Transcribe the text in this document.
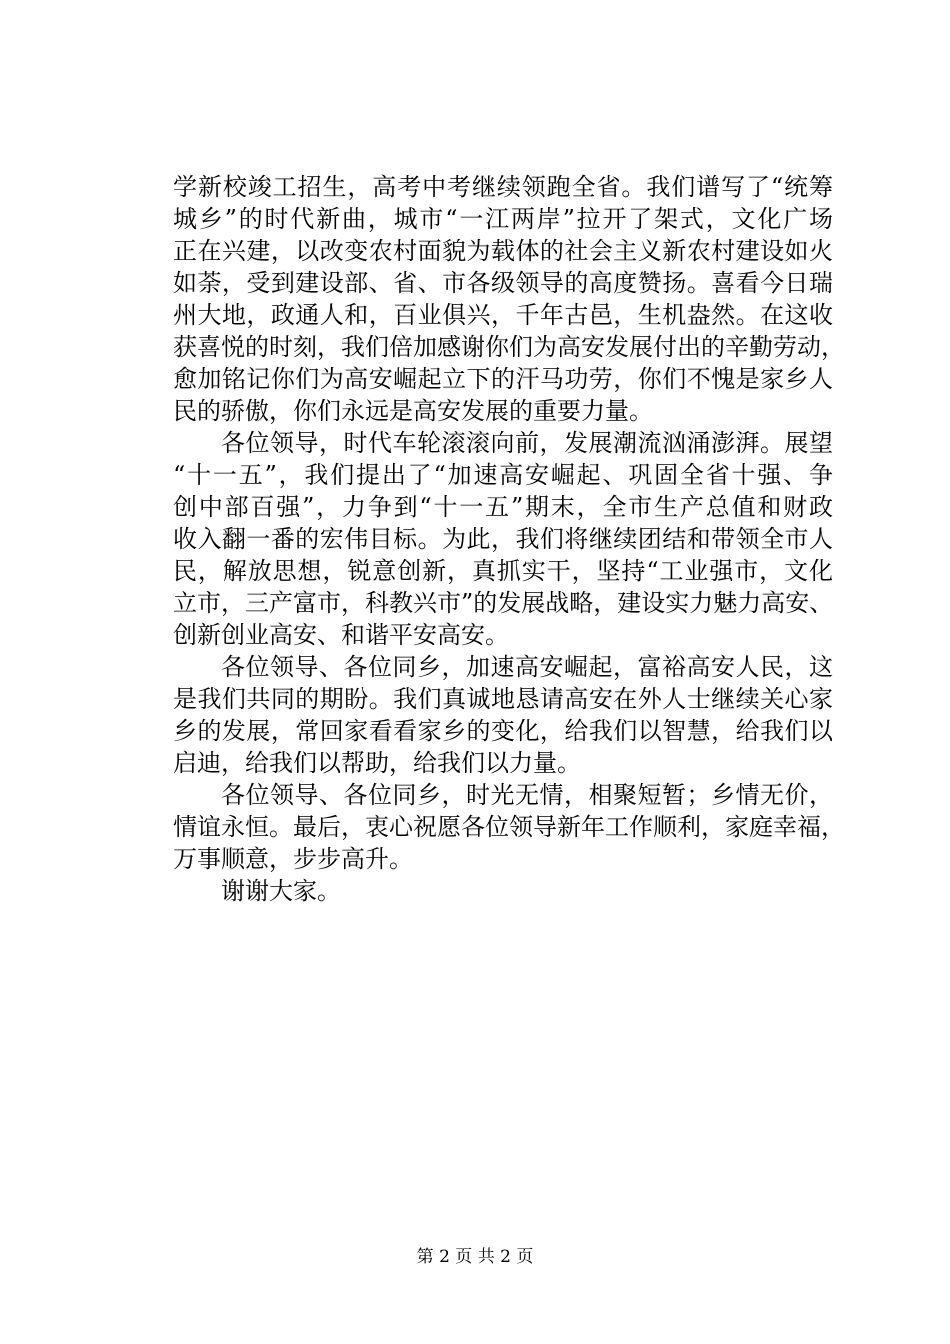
学新校竣工招生，高考中考继续领跑全省。我们谱写了“统筹
城乡”的时代新曲，城市“一江两岸”拉开了架式，文化广场
正在兴建，以改变农村面貌为载体的社会主义新农村建设如火
如荼，受到建设部、省、市各级领导的高度赞扬。喜看今日瑞
州大地，政通人和，百业俱兴，千年古邑，生机盎然。在这收
获喜悦的时刻，我们倍加感谢你们为高安发展付出的辛勤劳动，
愈加铭记你们为高安崛起立下的汗马功劳，你们不愧是家乡人
民的骄傲，你们永远是高安发展的重要力量。
各位领导，时代车轮滚滚向前，发展潮流汹涌澎湃。展望
“十一五”，我们提出了“加速高安崛起、巩固全省十强、争
创中部百强”，力争到“十一五”期末，全市生产总值和财政
收入翻一番的宏伟目标。为此，我们将继续团结和带领全市人
民，解放思想，锐意创新，真抓实干，坚持“工业强市，文化
立市，三产富市，科教兴市”的发展战略，建设实力魅力高安、
创新创业高安、和谐平安高安。
各位领导、各位同乡，加速高安崛起，富裕高安人民，这
是我们共同的期盼。我们真诚地恳请高安在外人士继续关心家
乡的发展，常回家看看家乡的变化，给我们以智慧，给我们以
启迪，给我们以帮助，给我们以力量。
各位领导、各位同乡，时光无情，相聚短暂；乡情无价，
情谊永恒。最后，衷心祝愿各位领导新年工作顺利，家庭幸福，
万事顺意，步步高升。
谢谢大家。
第 2 页 共 2 页
